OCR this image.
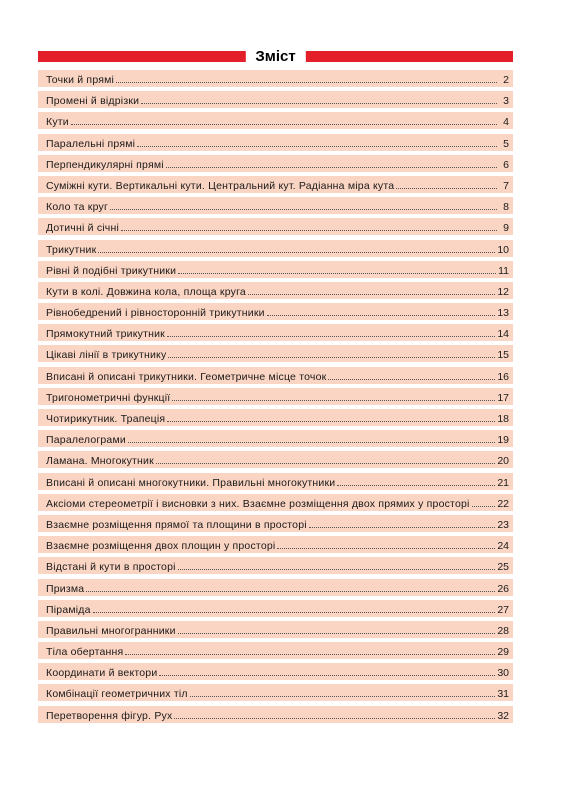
Зміст
Точки й прямі	2
Промені й відрізки	3
Кути	4
Паралельні прямі	5
Перпендикулярні прямі	6
Суміжні кути. Вертикальні кути. Центральний кут. Радіанна міра кута	7
Коло та круг	8
Дотичні й січні	9
Трикутник	10
Рівні й подібні трикутники	11
Кути в колі. Довжина кола, площа круга	12
Рівнобедрений і рівносторонній трикутники	13
Прямокутний трикутник	14
Цікаві лінії в трикутнику	15
Вписані й описані трикутники. Геометричне місце точок	16
Тригонометричні функції	17
Чотирикутник. Трапеція	18
Паралелограми	19
Ламана. Многокутник	20
Вписані й описані многокутники. Правильні многокутники	21
Аксіоми стереометрії і висновки з них. Взаємне розміщення двох прямих у просторі	22
Взаємне розміщення прямої та площини в просторі	23
Взаємне розміщення двох площин у просторі	24
Відстані й кути в просторі	25
Призма	26
Піраміда	27
Правильні многогранники	28
Тіла обертання	29
Координати й вектори	30
Комбінації геометричних тіл	31
Перетворення фігур. Рух	32
